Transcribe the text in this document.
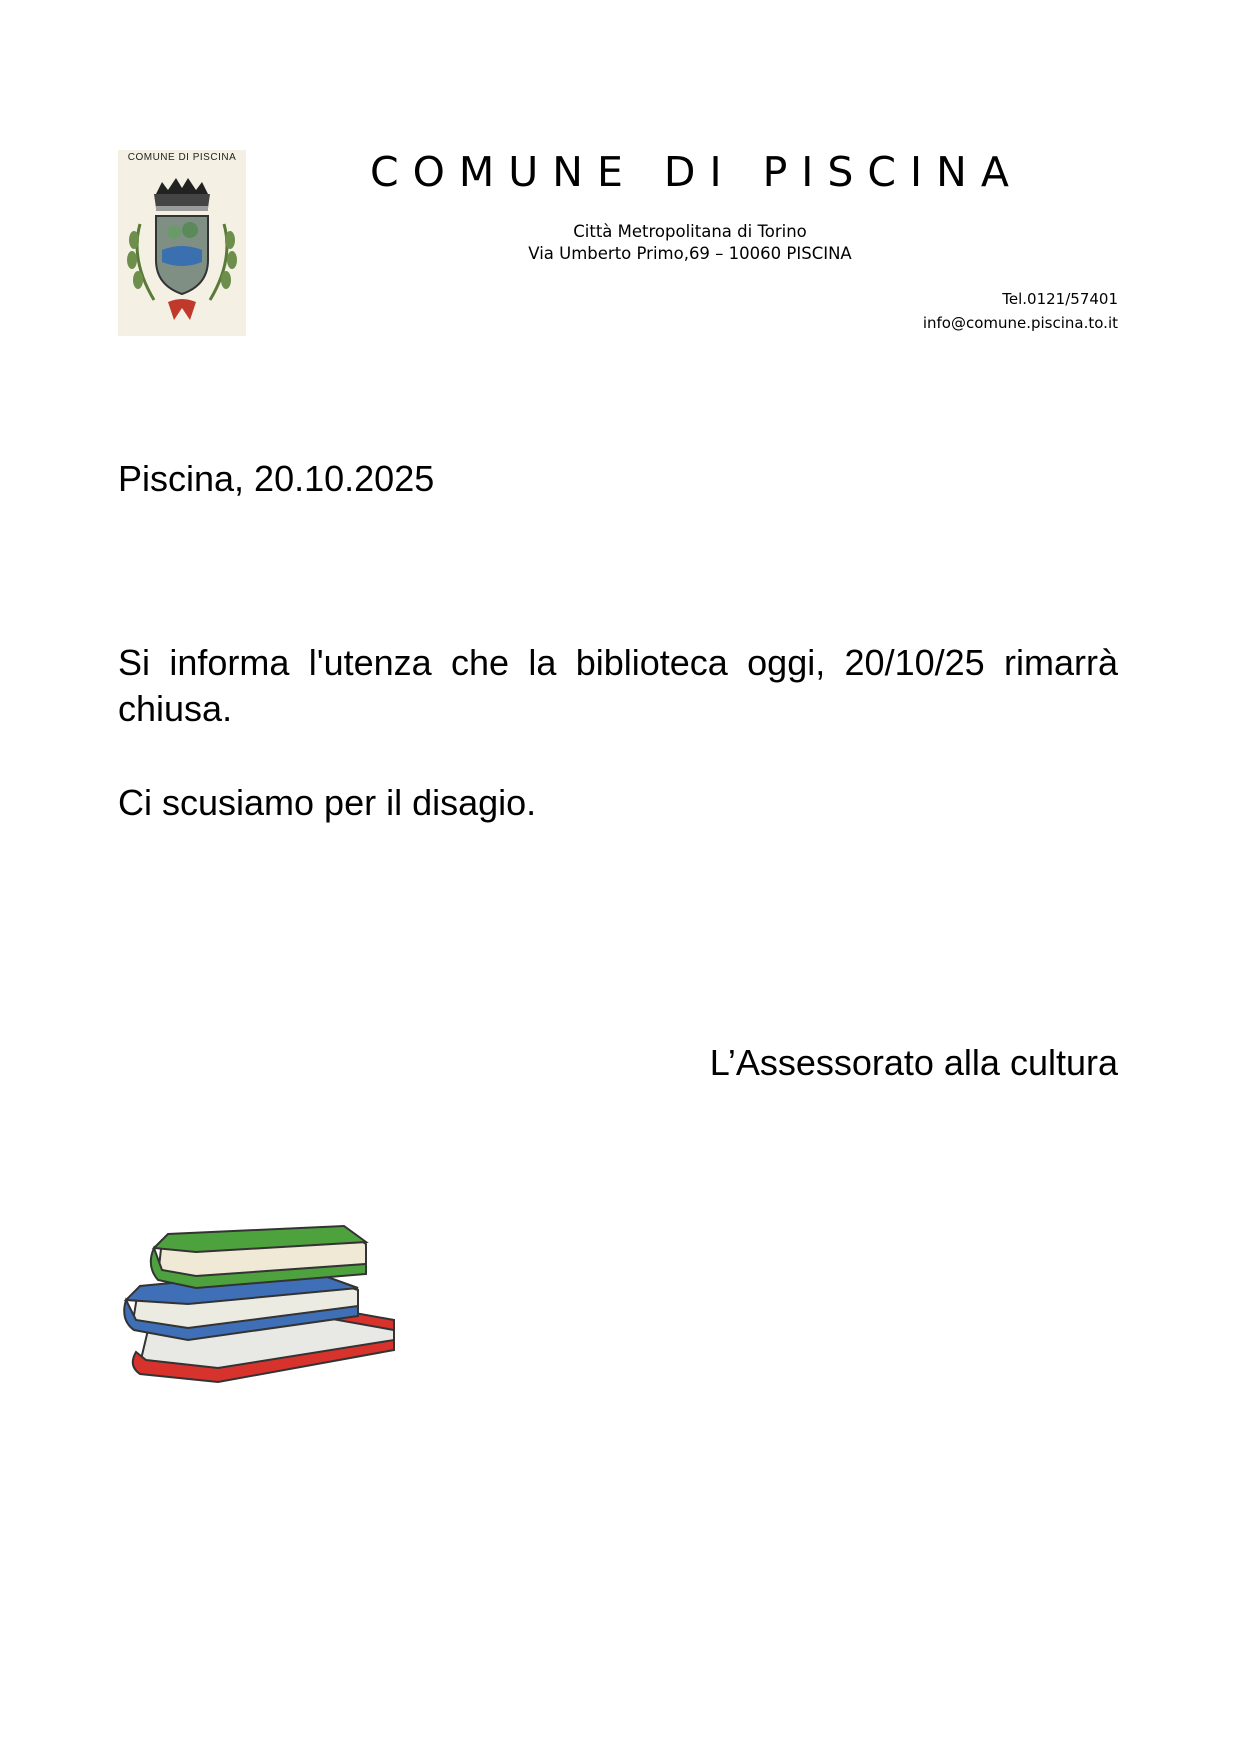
COMUNE DI PISCINA	COMUNE DI PISCINA
Città Metropolitana di Torino
Via Umberto Primo,69 – 10060 PISCINA
Tel.0121/57401
info@comune.piscina.to.it
Piscina, 20.10.2025
Si informa l'utenza che la biblioteca oggi, 20/10/25 rimarrà chiusa.
Ci scusiamo per il disagio.
L’Assessorato alla cultura
